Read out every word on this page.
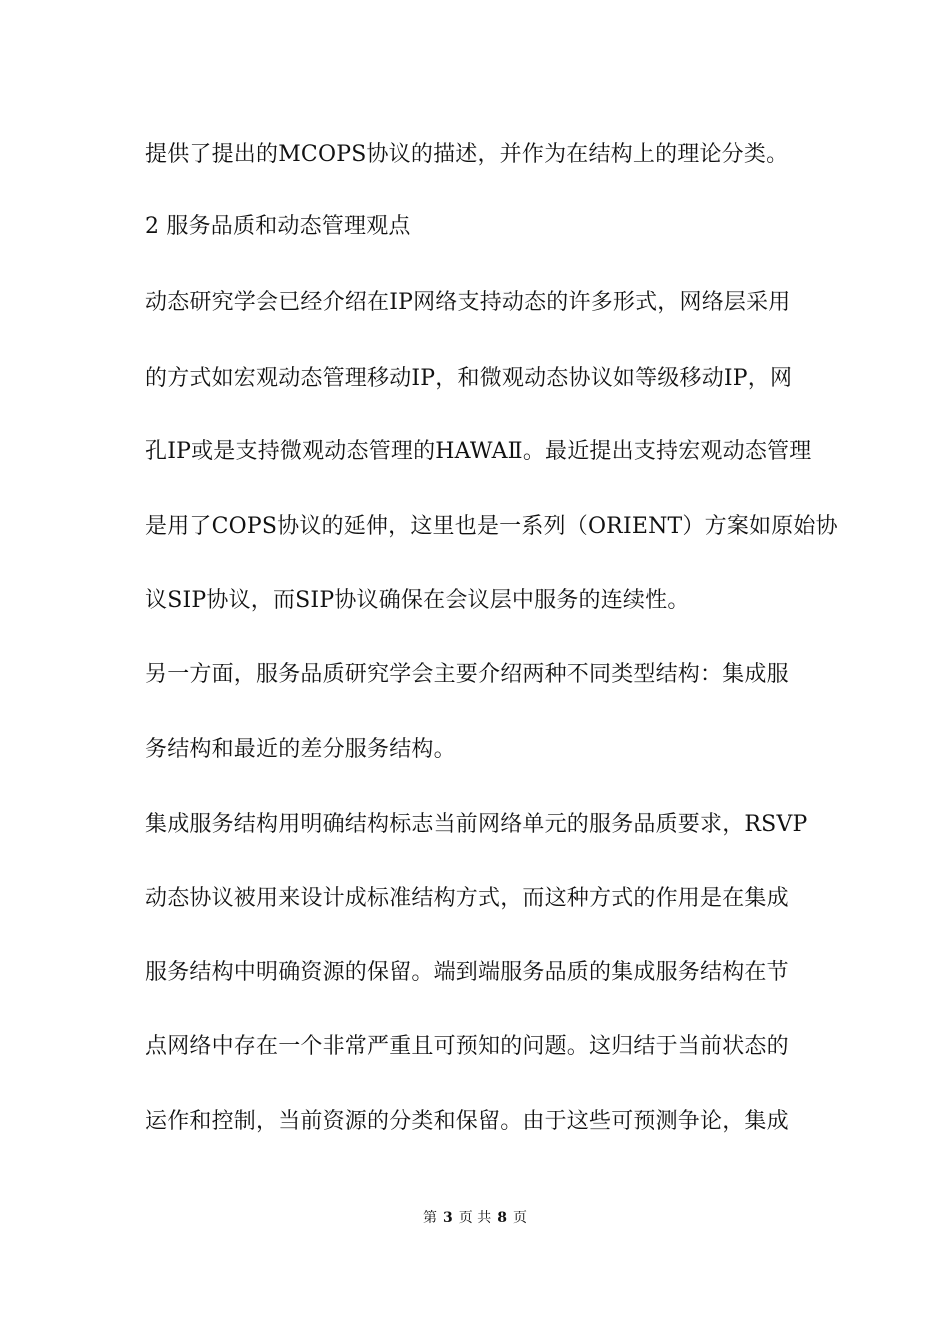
提供了提出的MCOPS协议的描述，并作为在结构上的理论分类。
2 服务品质和动态管理观点
动态研究学会已经介绍在IP网络支持动态的许多形式，网络层采用
的方式如宏观动态管理移动IP，和微观动态协议如等级移动IP，网
孔IP或是支持微观动态管理的HAWAⅡ。最近提出支持宏观动态管理
是用了COPS协议的延伸，这里也是一系列（ORIENT）方案如原始协
议SIP协议，而SIP协议确保在会议层中服务的连续性。
另一方面，服务品质研究学会主要介绍两种不同类型结构：集成服
务结构和最近的差分服务结构。
集成服务结构用明确结构标志当前网络单元的服务品质要求，RSVP
动态协议被用来设计成标准结构方式，而这种方式的作用是在集成
服务结构中明确资源的保留。端到端服务品质的集成服务结构在节
点网络中存在一个非常严重且可预知的问题。这归结于当前状态的
运作和控制，当前资源的分类和保留。由于这些可预测争论，集成
第 3 页 共 8 页
